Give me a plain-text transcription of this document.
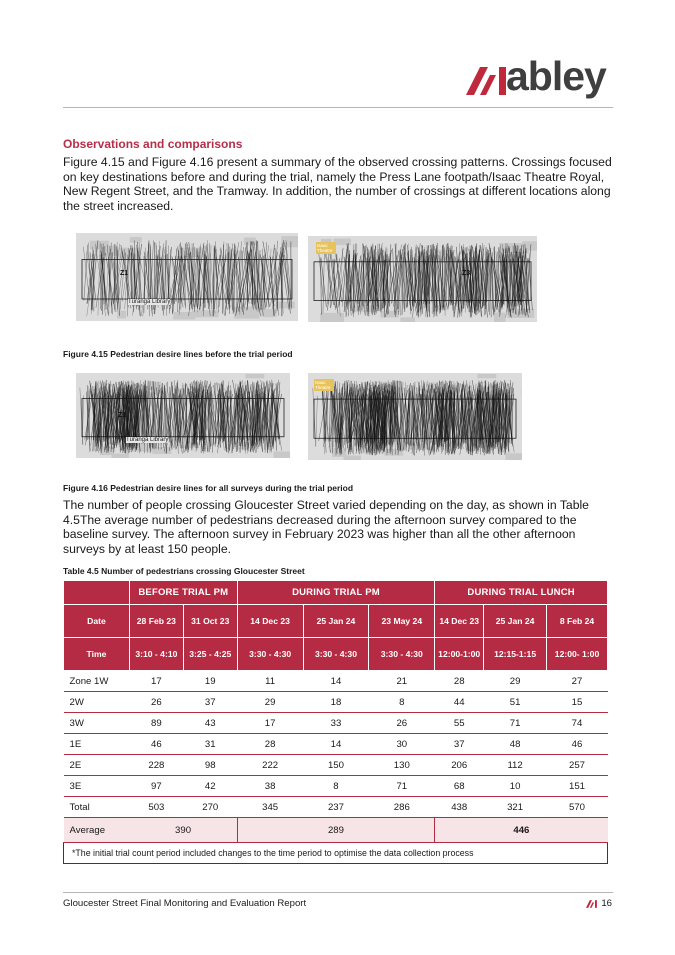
abley
Observations and comparisons
Figure 4.15 and Figure 4.16 present a summary of the observed crossing patterns. Crossings focused on key destinations before and during the trial, namely the Press Lane footpath/Isaac Theatre Royal, New Regent Street, and the Tramway. In addition, the number of crossings at different locations along the street increased.
Z1
Tūranga Library
Isaac Theatre
Z3
Figure 4.15 Pedestrian desire lines before the trial period
Z1
Tūranga Library
Isaac Theatre
Figure 4.16 Pedestrian desire lines for all surveys during the trial period
The number of people crossing Gloucester Street varied depending on the day, as shown in Table 4.5The average number of pedestrians decreased during the afternoon survey compared to the baseline survey. The afternoon survey in February 2023 was higher than all the other afternoon surveys by at least 150 people.
Table 4.5 Number of pedestrians crossing Gloucester Street
	BEFORE TRIAL PM		DURING TRIAL PM			DURING TRIAL LUNCH		
Date	28 Feb 23	31 Oct 23	14 Dec 23	25 Jan 24	23 May 24	14 Dec 23	25 Jan 24	8 Feb 24
Time	3:10 - 4:10	3:25 - 4:25	3:30 - 4:30	3:30 - 4:30	3:30 - 4:30	12:00-1:00	12:15-1:15	12:00- 1:00
Zone 1W	17	19	11	14	21	28	29	27
2W	26	37	29	18	8	44	51	15
3W	89	43	17	33	26	55	71	74
1E	46	31	28	14	30	37	48	46
2E	228	98	222	150	130	206	112	257
3E	97	42	38	8	71	68	10	151
Total	503	270	345	237	286	438	321	570
Average	390		289			446		
*The initial trial count period included changes to the time period to optimise the data collection process								
Gloucester Street Final Monitoring and Evaluation Report	16
